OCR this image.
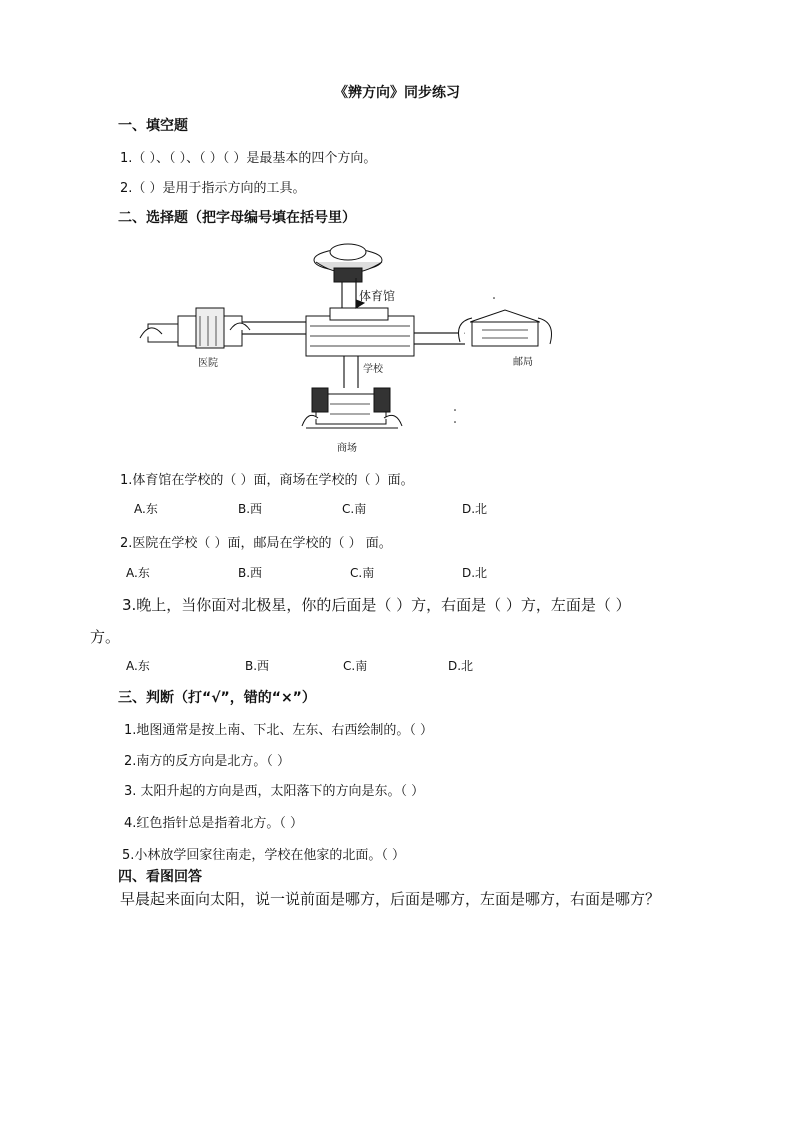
《辨方向》同步练习
一、填空题
1.（ ）、（ ）、（ ）（ ）是最基本的四个方向。
2.（ ）是用于指示方向的工具。
二、选择题（把字母编号填在括号里）
体育馆
医院
学校
邮局
商场
1.体育馆在学校的（ ）面，商场在学校的（ ）面。
A.东	B.西	C.南	D.北
2.医院在学校（ ）面，邮局在学校的（ ） 面。
A.东	B.西	C.南	D.北
3.晚上，当你面对北极星，你的后面是（ ）方，右面是（ ）方，左面是（ ）
方。
A.东	B.西	C.南	D.北
三、判断（打“√”，错的“×”）
1.地图通常是按上南、下北、左东、右西绘制的。（ ）
2.南方的反方向是北方。（ ）
3. 太阳升起的方向是西，太阳落下的方向是东。（ ）
4.红色指针总是指着北方。（ ）
5.小林放学回家往南走，学校在他家的北面。（ ）
四、看图回答
早晨起来面向太阳，说一说前面是哪方，后面是哪方，左面是哪方，右面是哪方？
